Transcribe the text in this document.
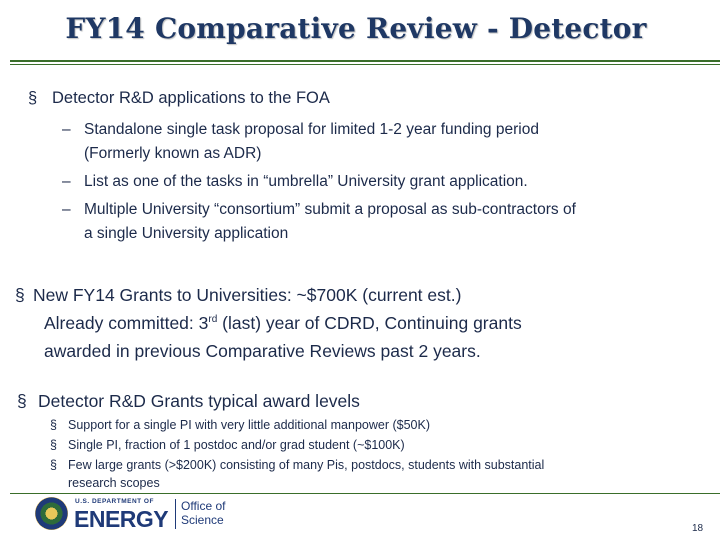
FY14 Comparative Review - Detector
§ Detector R&D applications to the FOA
– Standalone single task proposal for limited 1-2 year funding period
(Formerly known as ADR)
– List as one of the tasks in “umbrella” University grant application.
– Multiple University “consortium” submit a proposal as sub-contractors of
a single University application
§ New FY14 Grants to Universities: ~$700K (current est.)
Already committed: 3rd (last) year of CDRD, Continuing grants
awarded in previous Comparative Reviews past 2 years.
§ Detector R&D Grants typical award levels
§ Support for a single PI with very little additional manpower ($50K)
§ Single PI, fraction of 1 postdoc and/or grad student (~$100K)
§ Few large grants (>$200K) consisting of many Pis, postdocs, students with substantial
research scopes
U.S. DEPARTMENT OF
ENERGY Office of
Science
18
